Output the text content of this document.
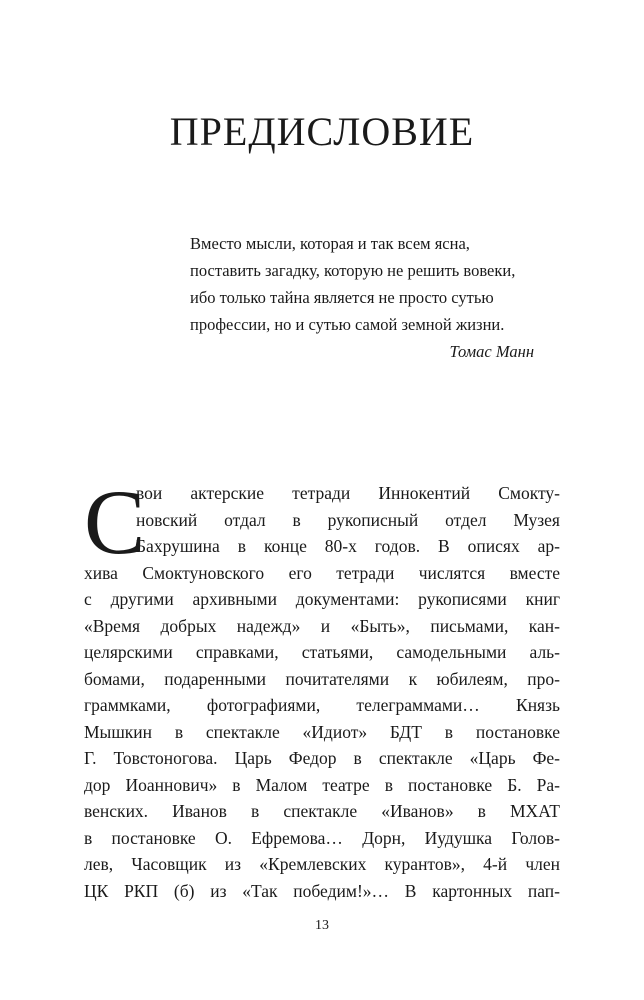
ПРЕДИСЛОВИЕ
Вместо мысли, которая и так всем ясна,
поставить загадку, которую не решить вовеки,
ибо только тайна является не просто сутью
профессии, но и сутью самой земной жизни.
Томас Манн
С
вои актерские тетради Иннокентий Смокту-
новский отдал в рукописный отдел Музея
Бахрушина в конце 80-х годов. В описях ар-
хива Смоктуновского его тетради числятся вместе
с другими архивными документами: рукописями книг
«Время добрых надежд» и «Быть», письмами, кан-
целярскими справками, статьями, самодельными аль-
бомами, подаренными почитателями к юбилеям, про-
граммками, фотографиями, телеграммами… Князь
Мышкин в спектакле «Идиот» БДТ в постановке
Г. Товстоногова. Царь Федор в спектакле «Царь Фе-
дор Иоаннович» в Малом театре в постановке Б. Ра-
венских. Иванов в спектакле «Иванов» в МХАТ
в постановке О. Ефремова… Дорн, Иудушка Голов-
лев, Часовщик из «Кремлевских курантов», 4-й член
ЦК РКП (б) из «Так победим!»… В картонных пап-
13
